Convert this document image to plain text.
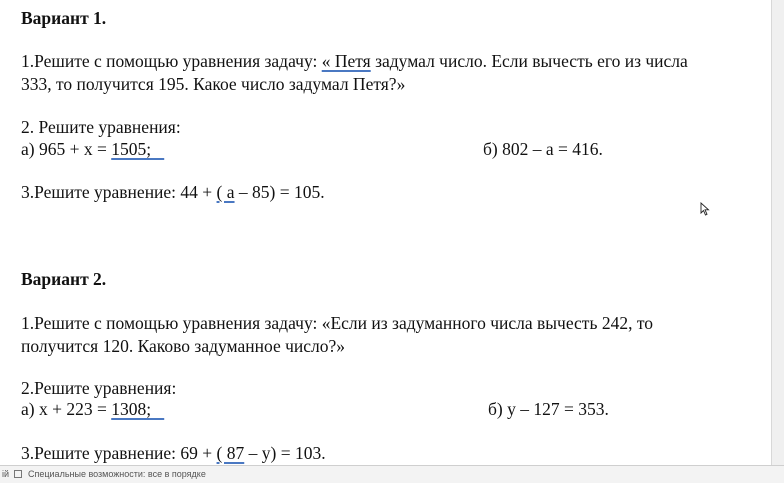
Вариант 1.
1.Решите с помощью уравнения задачу: « Петя задумал число. Если вычесть его из числа
333, то получится 195. Какое число задумал Петя?»
2. Решите уравнения:
а) 965 + х = 1505;	б) 802 – а = 416.
3.Решите уравнение: 44 + ( а – 85) = 105.
Вариант 2.
1.Решите с помощью уравнения задачу: «Если из задуманного числа вычесть 242, то
получится 120. Каково задуманное число?»
2.Решите уравнения:
а) х + 223 = 1308;	б) у – 127 = 353.
3.Решите уравнение: 69 + ( 87 – у) = 103.
ій Специальные возможности: все в порядке
